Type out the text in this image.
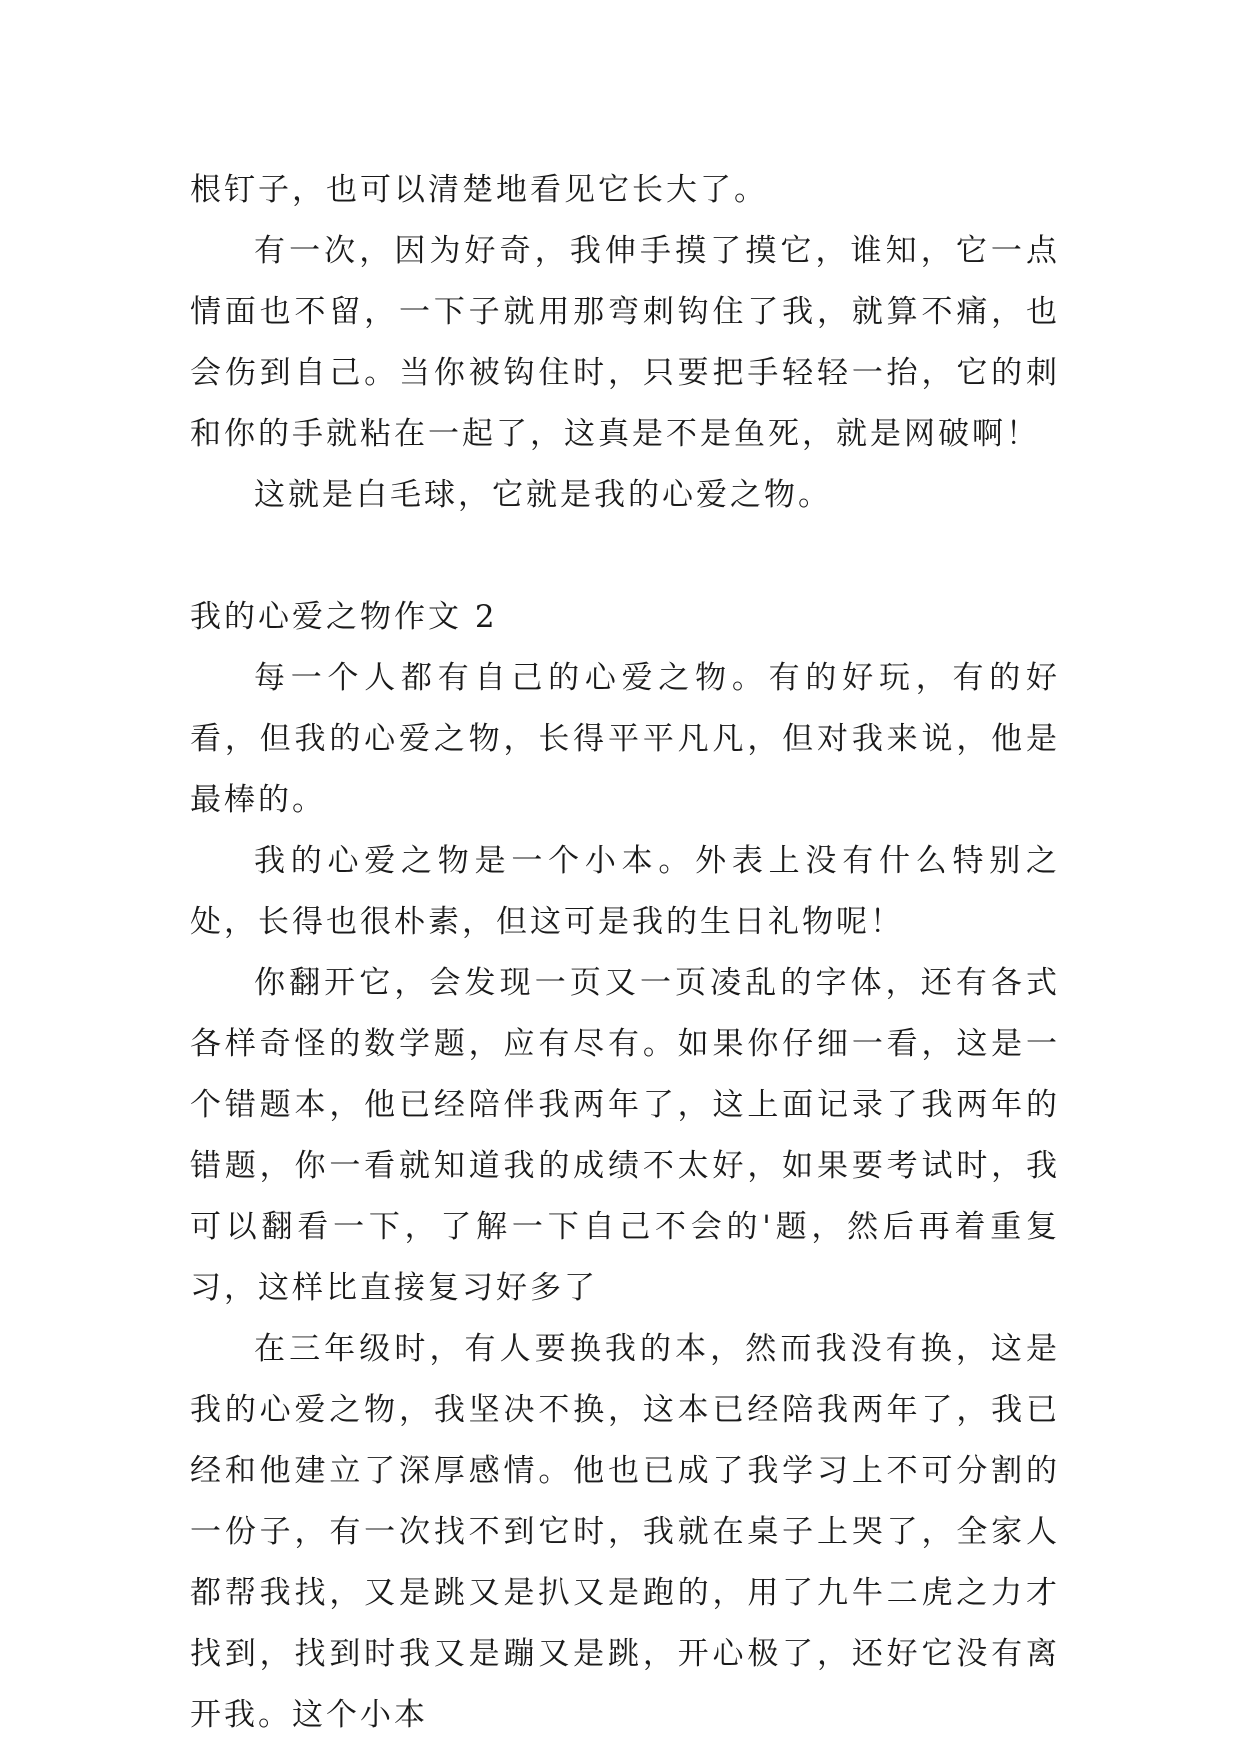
根钉子，也可以清楚地看见它长大了。

有一次，因为好奇，我伸手摸了摸它，谁知，它一点情面也不留，一下子就用那弯刺钩住了我，就算不痛，也会伤到自己。当你被钩住时，只要把手轻轻一抬，它的刺和你的手就粘在一起了，这真是不是鱼死，就是网破啊！

这就是白毛球，它就是我的心爱之物。

我的心爱之物作文 2

每一个人都有自己的心爱之物。有的好玩，有的好看，但我的心爱之物，长得平平凡凡，但对我来说，他是最棒的。

我的心爱之物是一个小本。外表上没有什么特别之处，长得也很朴素，但这可是我的生日礼物呢！

你翻开它，会发现一页又一页凌乱的字体，还有各式各样奇怪的数学题，应有尽有。如果你仔细一看，这是一个错题本，他已经陪伴我两年了，这上面记录了我两年的错题，你一看就知道我的成绩不太好，如果要考试时，我可以翻看一下，了解一下自己不会的'题，然后再着重复习，这样比直接复习好多了

在三年级时，有人要换我的本，然而我没有换，这是我的心爱之物，我坚决不换，这本已经陪我两年了，我已经和他建立了深厚感情。他也已成了我学习上不可分割的一份子，有一次找不到它时，我就在桌子上哭了，全家人都帮我找，又是跳又是扒又是跑的，用了九牛二虎之力才找到，找到时我又是蹦又是跳，开心极了，还好它没有离开我。这个小本
